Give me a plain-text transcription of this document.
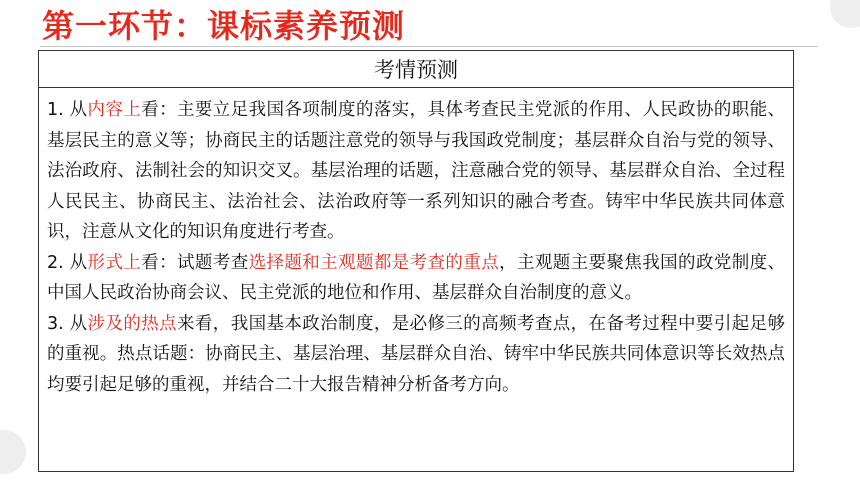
第一环节：课标素养预测
考情预测

1. 从内容上看：主要立足我国各项制度的落实，具体考查民主党派的作用、人民政协的职能、基层民主的意义等；协商民主的话题注意党的领导与我国政党制度；基层群众自治与党的领导、法治政府、法制社会的知识交叉。基层治理的话题，注意融合党的领导、基层群众自治、全过程人民民主、协商民主、法治社会、法治政府等一系列知识的融合考查。铸牢中华民族共同体意识，注意从文化的知识角度进行考查。

2. 从形式上看：试题考查选择题和主观题都是考查的重点，主观题主要聚焦我国的政党制度、中国人民政治协商会议、民主党派的地位和作用、基层群众自治制度的意义。

3. 从涉及的热点来看，我国基本政治制度，是必修三的高频考查点，在备考过程中要引起足够的重视。热点话题：协商民主、基层治理、基层群众自治、铸牢中华民族共同体意识等长效热点均要引起足够的重视，并结合二十大报告精神分析备考方向。
